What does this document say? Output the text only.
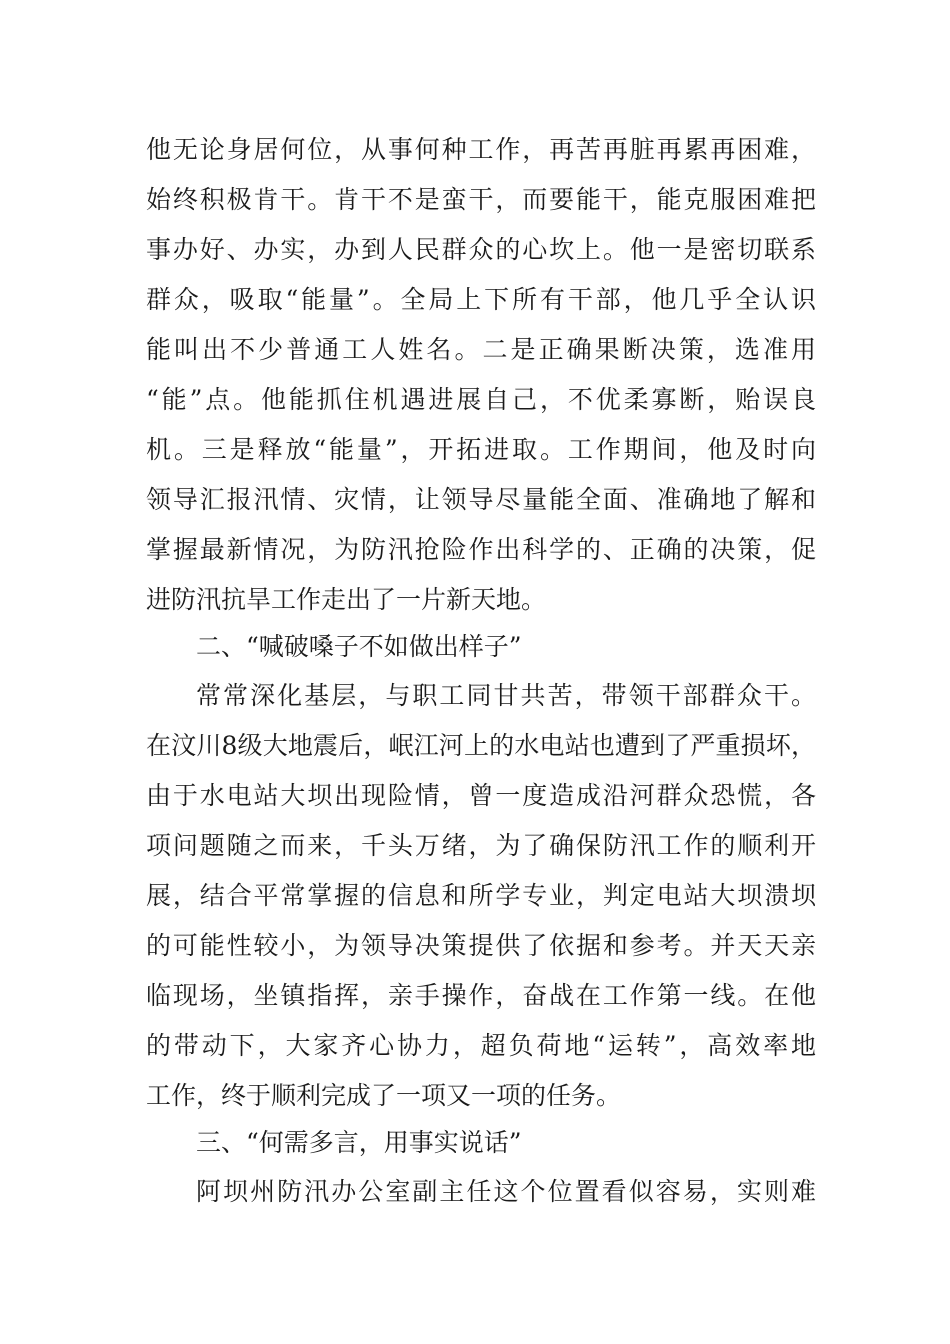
他无论身居何位，从事何种工作，再苦再脏再累再困难，
始终积极肯干。肯干不是蛮干，而要能干，能克服困难把
事办好、办实，办到人民群众的心坎上。他一是密切联系
群众，吸取“能量”。全局上下所有干部，他几乎全认识
能叫出不少普通工人姓名。二是正确果断决策，选准用
“能”点。他能抓住机遇进展自己，不优柔寡断，贻误良
机。三是释放“能量”，开拓进取。工作期间，他及时向
领导汇报汛情、灾情，让领导尽量能全面、准确地了解和
掌握最新情况，为防汛抢险作出科学的、正确的决策，促
进防汛抗旱工作走出了一片新天地。
二、“喊破嗓子不如做出样子”
常常深化基层，与职工同甘共苦，带领干部群众干。
在汶川8级大地震后，岷江河上的水电站也遭到了严重损坏，
由于水电站大坝出现险情，曾一度造成沿河群众恐慌，各
项问题随之而来，千头万绪，为了确保防汛工作的顺利开
展，结合平常掌握的信息和所学专业，判定电站大坝溃坝
的可能性较小，为领导决策提供了依据和参考。并天天亲
临现场，坐镇指挥，亲手操作，奋战在工作第一线。在他
的带动下，大家齐心协力，超负荷地“运转”，高效率地
工作，终于顺利完成了一项又一项的任务。
三、“何需多言，用事实说话”
阿坝州防汛办公室副主任这个位置看似容易，实则难
